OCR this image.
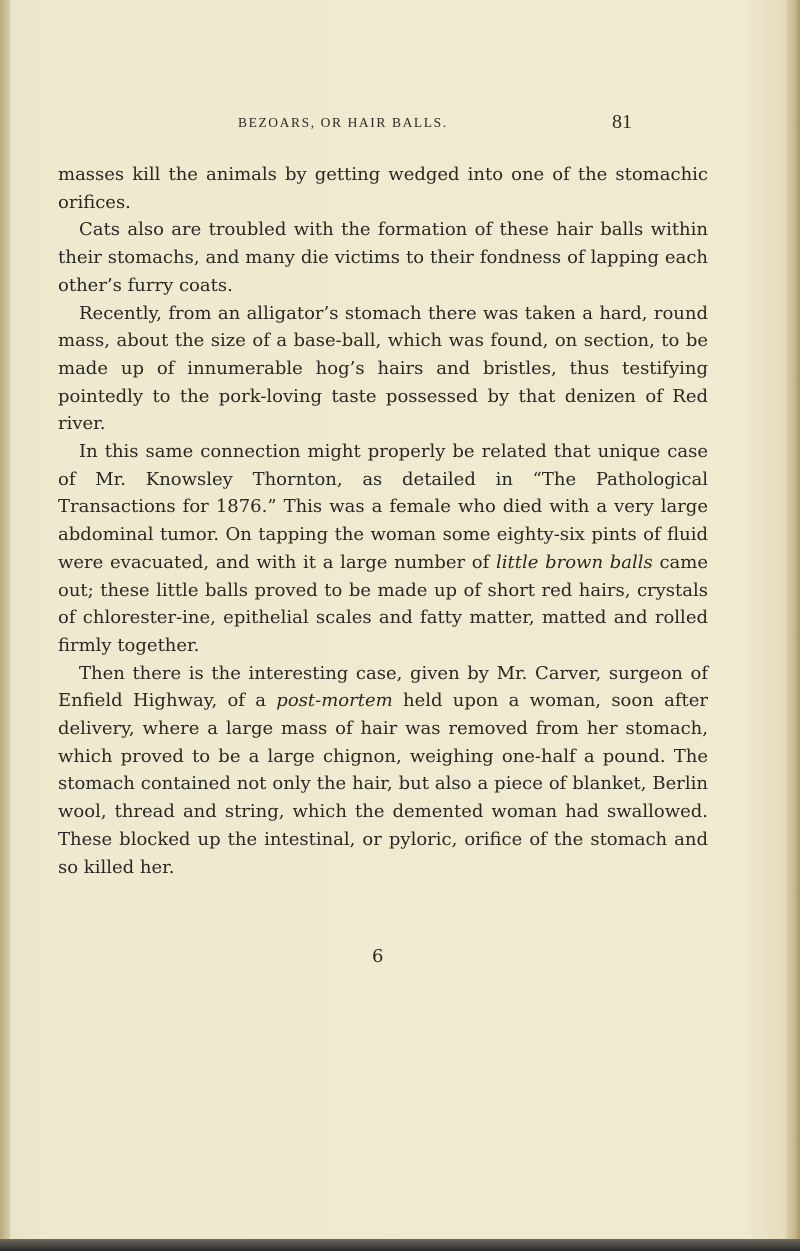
BEZOARS, OR HAIR BALLS.	81

masses kill the animals by getting wedged into one of the stomachic orifices.

Cats also are troubled with the formation of these hair balls within their stomachs, and many die victims to their fondness of lapping each other’s furry coats.

Recently, from an alligator’s stomach there was taken a hard, round mass, about the size of a base-ball, which was found, on section, to be made up of innumerable hog’s hairs and bristles, thus testifying pointedly to the pork-loving taste possessed by that denizen of Red river.

In this same connection might properly be related that unique case of Mr. Knowsley Thornton, as detailed in “The Pathological Transactions for 1876.” This was a female who died with a very large abdominal tumor. On tapping the woman some eighty-six pints of fluid were evacuated, and with it a large number of little brown balls came out; these little balls proved to be made up of short red hairs, crystals of chlorester-ine, epithelial scales and fatty matter, matted and rolled firmly together.

Then there is the interesting case, given by Mr. Carver, surgeon of Enfield Highway, of a post-mortem held upon a woman, soon after delivery, where a large mass of hair was removed from her stomach, which proved to be a large chignon, weighing one-half a pound. The stomach contained not only the hair, but also a piece of blanket, Berlin wool, thread and string, which the demented woman had swallowed. These blocked up the intestinal, or pyloric, orifice of the stomach and so killed her.

6
